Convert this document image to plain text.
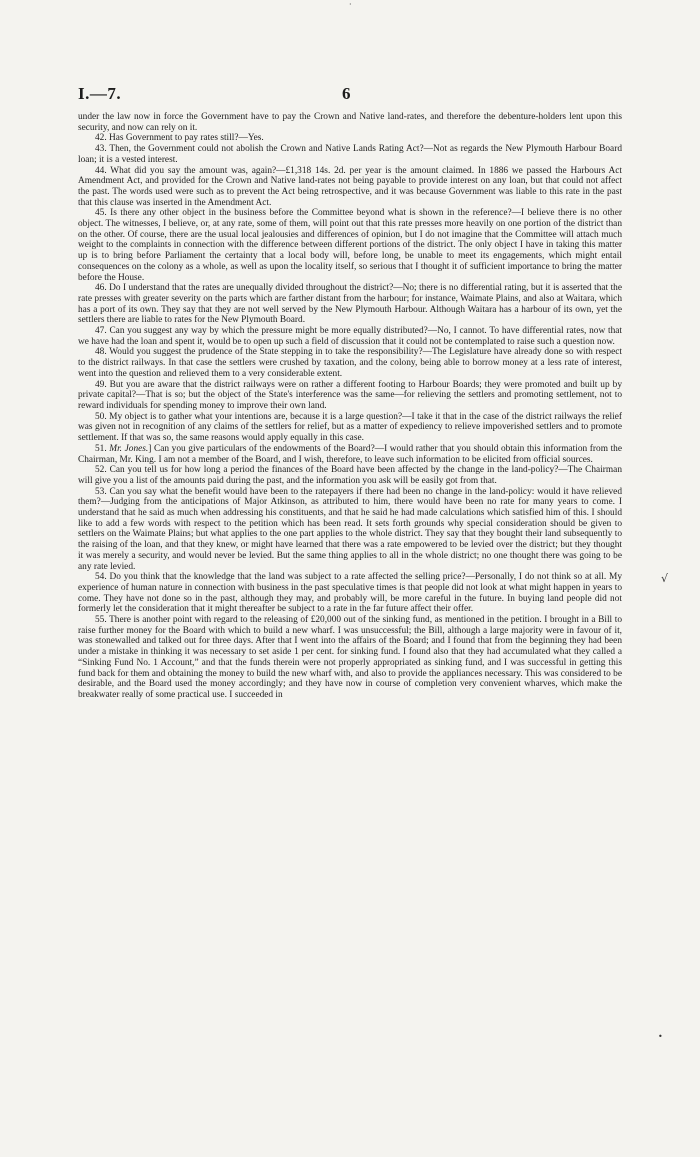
·
I.—7.	6

under the law now in force the Government have to pay the Crown and Native land-rates, and therefore the debenture-holders lent upon this security, and now can rely on it.

42. Has Government to pay rates still?—Yes.

43. Then, the Government could not abolish the Crown and Native Lands Rating Act?—Not as regards the New Plymouth Harbour Board loan; it is a vested interest.

44. What did you say the amount was, again?—£1,318 14s. 2d. per year is the amount claimed. In 1886 we passed the Harbours Act Amendment Act, and provided for the Crown and Native land-rates not being payable to provide interest on any loan, but that could not affect the past. The words used were such as to prevent the Act being retrospective, and it was because Government was liable to this rate in the past that this clause was inserted in the Amendment Act.

45. Is there any other object in the business before the Committee beyond what is shown in the reference?—I believe there is no other object. The witnesses, I believe, or, at any rate, some of them, will point out that this rate presses more heavily on one portion of the district than on the other. Of course, there are the usual local jealousies and differences of opinion, but I do not imagine that the Committee will attach much weight to the complaints in connection with the difference between different portions of the district. The only object I have in taking this matter up is to bring before Parliament the certainty that a local body will, before long, be unable to meet its engagements, which might entail consequences on the colony as a whole, as well as upon the locality itself, so serious that I thought it of sufficient importance to bring the matter before the House.

46. Do I understand that the rates are unequally divided throughout the district?—No; there is no differential rating, but it is asserted that the rate presses with greater severity on the parts which are farther distant from the harbour; for instance, Waimate Plains, and also at Waitara, which has a port of its own. They say that they are not well served by the New Plymouth Harbour. Although Waitara has a harbour of its own, yet the settlers there are liable to rates for the New Plymouth Board.

47. Can you suggest any way by which the pressure might be more equally distributed?—No, I cannot. To have differential rates, now that we have had the loan and spent it, would be to open up such a field of discussion that it could not be contemplated to raise such a question now.

48. Would you suggest the prudence of the State stepping in to take the responsibility?—The Legislature have already done so with respect to the district railways. In that case the settlers were crushed by taxation, and the colony, being able to borrow money at a less rate of interest, went into the question and relieved them to a very considerable extent.

49. But you are aware that the district railways were on rather a different footing to Harbour Boards; they were promoted and built up by private capital?—That is so; but the object of the State's interference was the same—for relieving the settlers and promoting settlement, not to reward individuals for spending money to improve their own land.

50. My object is to gather what your intentions are, because it is a large question?—I take it that in the case of the district railways the relief was given not in recognition of any claims of the settlers for relief, but as a matter of expediency to relieve impoverished settlers and to promote settlement. If that was so, the same reasons would apply equally in this case.

51. Mr. Jones.] Can you give particulars of the endowments of the Board?—I would rather that you should obtain this information from the Chairman, Mr. King. I am not a member of the Board, and I wish, therefore, to leave such information to be elicited from official sources.

52. Can you tell us for how long a period the finances of the Board have been affected by the change in the land-policy?—The Chairman will give you a list of the amounts paid during the past, and the information you ask will be easily got from that.

53. Can you say what the benefit would have been to the ratepayers if there had been no change in the land-policy: would it have relieved them?—Judging from the anticipations of Major Atkinson, as attributed to him, there would have been no rate for many years to come. I understand that he said as much when addressing his constituents, and that he said he had made calculations which satisfied him of this. I should like to add a few words with respect to the petition which has been read. It sets forth grounds why special consideration should be given to settlers on the Waimate Plains; but what applies to the one part applies to the whole district. They say that they bought their land subsequently to the raising of the loan, and that they knew, or might have learned that there was a rate empowered to be levied over the district; but they thought it was merely a security, and would never be levied. But the same thing applies to all in the whole district; no one thought there was going to be any rate levied.

54. Do you think that the knowledge that the land was subject to a rate affected the selling price?—Personally, I do not think so at all. My experience of human nature in connection with business in the past speculative times is that people did not look at what might happen in years to come. They have not done so in the past, although they may, and probably will, be more careful in the future. In buying land people did not formerly let the consideration that it might thereafter be subject to a rate in the far future affect their offer.

55. There is another point with regard to the releasing of £20,000 out of the sinking fund, as mentioned in the petition. I brought in a Bill to raise further money for the Board with which to build a new wharf. I was unsuccessful; the Bill, although a large majority were in favour of it, was stonewalled and talked out for three days. After that I went into the affairs of the Board; and I found that from the beginning they had been under a mistake in thinking it was necessary to set aside 1 per cent. for sinking fund. I found also that they had accumulated what they called a “Sinking Fund No. 1 Account,” and that the funds therein were not properly appropriated as sinking fund, and I was successful in getting this fund back for them and obtaining the money to build the new wharf with, and also to provide the appliances necessary. This was considered to be desirable, and the Board used the money accordingly; and they have now in course of completion very convenient wharves, which make the breakwater really of some practical use. I succeeded in

√
•
